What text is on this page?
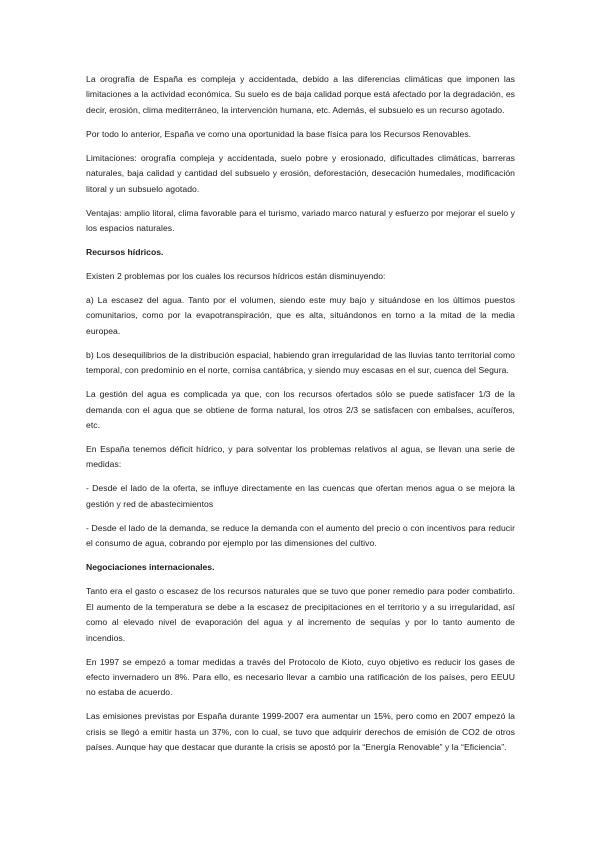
La orografía de España es compleja y accidentada, debido a las diferencias climáticas que imponen las limitaciones a la actividad económica. Su suelo es de baja calidad porque está afectado por la degradación, es decir, erosión, clima mediterráneo, la intervención humana, etc. Además, el subsuelo es un recurso agotado.

Por todo lo anterior, España ve como una oportunidad la base física para los Recursos Renovables.

Limitaciones: orografía compleja y accidentada, suelo pobre y erosionado, dificultades climáticas, barreras naturales, baja calidad y cantidad del subsuelo y erosión, deforestación, desecación humedales, modificación litoral y un subsuelo agotado.

Ventajas: amplio litoral, clima favorable para el turismo, variado marco natural y esfuerzo por mejorar el suelo y los espacios naturales.

Recursos hídricos.

Existen 2 problemas por los cuales los recursos hídricos están disminuyendo:

a) La escasez del agua. Tanto por el volumen, siendo este muy bajo y situándose en los últimos puestos comunitarios, como por la evapotranspiración, que es alta, situándonos en torno a la mitad de la media europea.

b) Los desequilibrios de la distribución espacial, habiendo gran irregularidad de las lluvias tanto territorial como temporal, con predominio en el norte, cornisa cantábrica, y siendo muy escasas en el sur, cuenca del Segura.

La gestión del agua es complicada ya que, con los recursos ofertados sólo se puede satisfacer 1/3 de la demanda con el agua que se obtiene de forma natural, los otros 2/3 se satisfacen con embalses, acuíferos, etc.

En España tenemos déficit hídrico, y para solventar los problemas relativos al agua, se llevan una serie de medidas:

- Desde el lado de la oferta, se influye directamente en las cuencas que ofertan menos agua o se mejora la gestión y red de abastecimientos

- Desde el lado de la demanda, se reduce la demanda con el aumento del precio o con incentivos para reducir el consumo de agua, cobrando por ejemplo por las dimensiones del cultivo.

Negociaciones internacionales.

Tanto era el gasto o escasez de los recursos naturales que se tuvo que poner remedio para poder combatirlo. El aumento de la temperatura se debe a la escasez de precipitaciones en el territorio y a su irregularidad, así como al elevado nivel de evaporación del agua y al incremento de sequías y por lo tanto aumento de incendios.

En 1997 se empezó a tomar medidas a través del Protocolo de Kioto, cuyo objetivo es reducir los gases de efecto invernadero un 8%. Para ello, es necesario llevar a cambio una ratificación de los países, pero EEUU no estaba de acuerdo.

Las emisiones previstas por España durante 1999-2007 era aumentar un 15%, pero como en 2007 empezó la crisis se llegó a emitir hasta un 37%, con lo cual, se tuvo que adquirir derechos de emisión de CO2 de otros países. Aunque hay que destacar que durante la crisis se apostó por la “Energía Renovable” y la “Eficiencia”.
